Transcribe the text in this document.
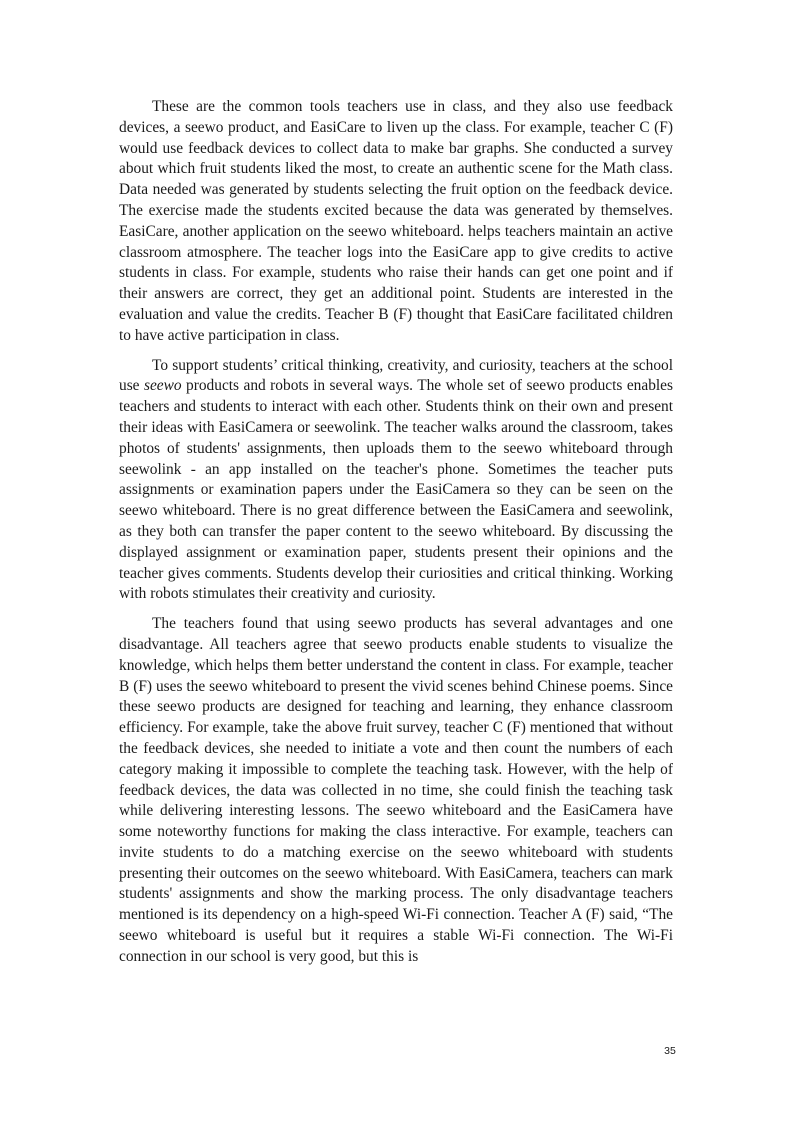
These are the common tools teachers use in class, and they also use feedback devices, a seewo product, and EasiCare to liven up the class. For example, teacher C (F) would use feedback devices to collect data to make bar graphs. She conducted a survey about which fruit students liked the most, to create an authentic scene for the Math class. Data needed was generated by students selecting the fruit option on the feedback device. The exercise made the students excited because the data was generated by themselves. EasiCare, another application on the seewo whiteboard. helps teachers maintain an active classroom atmosphere. The teacher logs into the EasiCare app to give credits to active students in class. For example, students who raise their hands can get one point and if their answers are correct, they get an additional point. Students are interested in the evaluation and value the credits. Teacher B (F) thought that EasiCare facilitated children to have active participation in class.

To support students’ critical thinking, creativity, and curiosity, teachers at the school use seewo products and robots in several ways. The whole set of seewo products enables teachers and students to interact with each other. Students think on their own and present their ideas with EasiCamera or seewolink. The teacher walks around the classroom, takes photos of students' assignments, then uploads them to the seewo whiteboard through seewolink - an app installed on the teacher's phone. Sometimes the teacher puts assignments or examination papers under the EasiCamera so they can be seen on the seewo whiteboard. There is no great difference between the EasiCamera and seewolink, as they both can transfer the paper content to the seewo whiteboard. By discussing the displayed assignment or examination paper, students present their opinions and the teacher gives comments. Students develop their curiosities and critical thinking. Working with robots stimulates their creativity and curiosity.

The teachers found that using seewo products has several advantages and one disadvantage. All teachers agree that seewo products enable students to visualize the knowledge, which helps them better understand the content in class. For example, teacher B (F) uses the seewo whiteboard to present the vivid scenes behind Chinese poems. Since these seewo products are designed for teaching and learning, they enhance classroom efficiency. For example, take the above fruit survey, teacher C (F) mentioned that without the feedback devices, she needed to initiate a vote and then count the numbers of each category making it impossible to complete the teaching task. However, with the help of feedback devices, the data was collected in no time, she could finish the teaching task while delivering interesting lessons. The seewo whiteboard and the EasiCamera have some noteworthy functions for making the class interactive. For example, teachers can invite students to do a matching exercise on the seewo whiteboard with students presenting their outcomes on the seewo whiteboard. With EasiCamera, teachers can mark students' assignments and show the marking process. The only disadvantage teachers mentioned is its dependency on a high-speed Wi-Fi connection. Teacher A (F) said, “The seewo whiteboard is useful but it requires a stable Wi-Fi connection. The Wi-Fi connection in our school is very good, but this is

35
